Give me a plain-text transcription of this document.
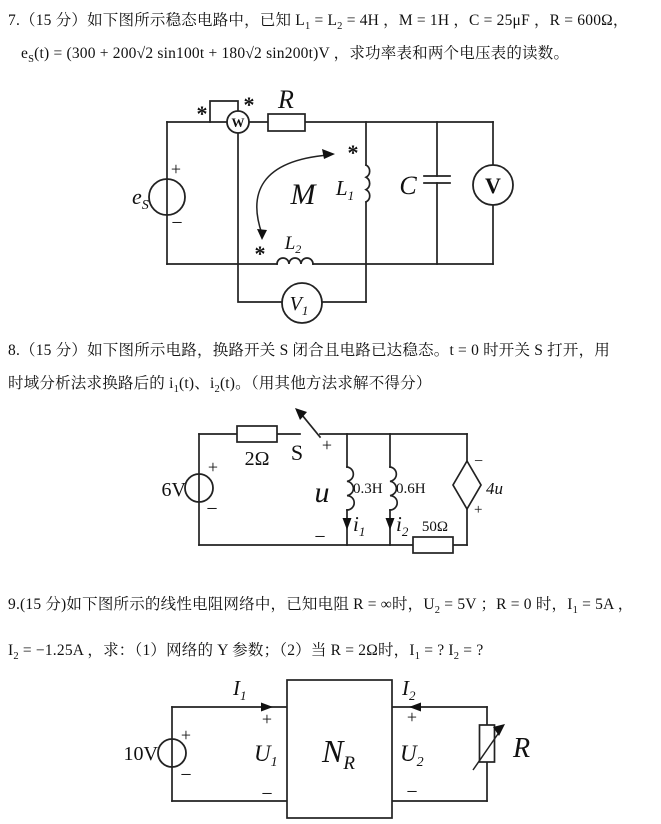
7.（15 分）如下图所示稳态电路中，已知 $L_1 = L_2 = 4H$ ，M = 1H ，C = 25μF ，R = 600Ω，
$e_S(t) = (300 + 200√2$ sin100t + 180√2 sin200t)V ，求功率表和两个电压表的读数。
$e_S$
+
−
* *
W
R
*
$L_1$
M
* $L_2$
C	V
$V_1$
8.（15 分）如下图所示电路，换路开关 S 闭合且电路已达稳态。t = 0 时开关 S 打开，用
时域分析法求换路后的 $i_1(t)$、$i_2(t)$。（用其他方法求解不得分）
6V
+
−
2Ω S +
u
−
0.3H 0.6H
$i_1$ $i_2$ 50Ω
−
+
4u
9.(15 分)如下图所示的线性电阻网络中，已知电阻 R = ∞时，$U_2 = 5V$ ；R = 0 时，$I_1 = 5A$ ，
$I_2 = -1.25A$ ，求：（1）网络的 Y 参数；（2）当 R = 2Ω时，$I_1$ = ? $I_2$ = ?
10V
+
−
$I_1$
+
$U_1$
−
$N_R$
$I_2$
+
$U_2$
−
R
